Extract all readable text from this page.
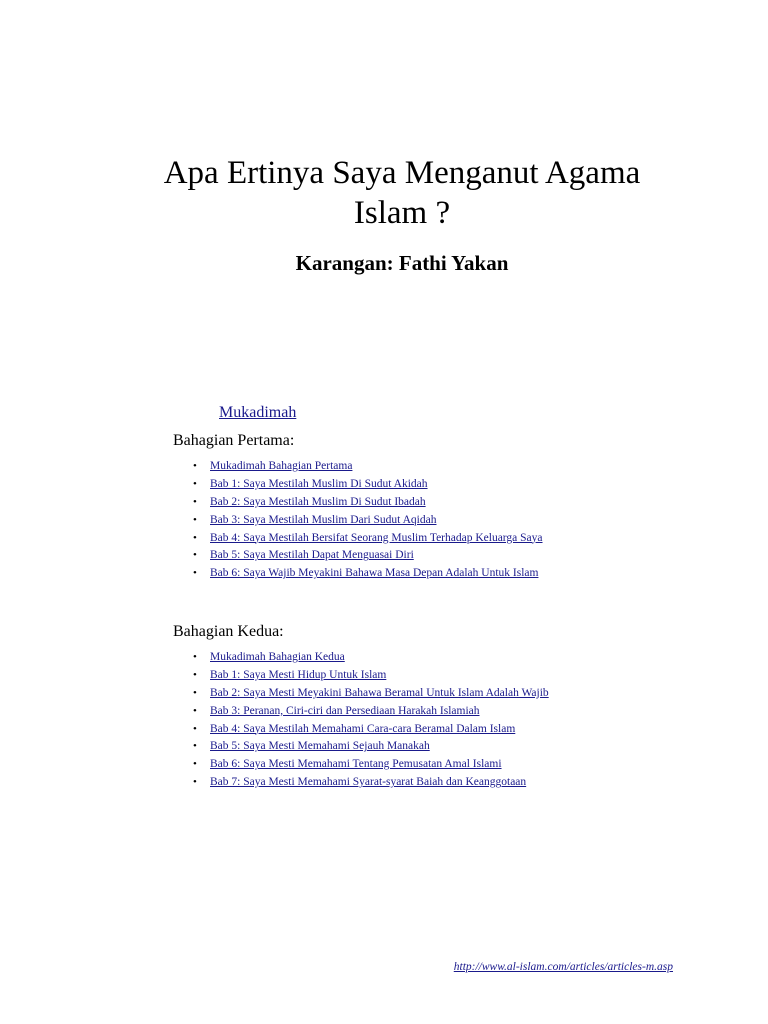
Apa Ertinya Saya Menganut Agama
Islam ?
Karangan: Fathi Yakan
Mukadimah
Bahagian Pertama:
• Mukadimah Bahagian Pertama
• Bab 1: Saya Mestilah Muslim Di Sudut Akidah
• Bab 2: Saya Mestilah Muslim Di Sudut Ibadah
• Bab 3: Saya Mestilah Muslim Dari Sudut Aqidah
• Bab 4: Saya Mestilah Bersifat Seorang Muslim Terhadap Keluarga Saya
• Bab 5: Saya Mestilah Dapat Menguasai Diri
• Bab 6: Saya Wajib Meyakini Bahawa Masa Depan Adalah Untuk Islam
Bahagian Kedua:
• Mukadimah Bahagian Kedua
• Bab 1: Saya Mesti Hidup Untuk Islam
• Bab 2: Saya Mesti Meyakini Bahawa Beramal Untuk Islam Adalah Wajib
• Bab 3: Peranan, Ciri-ciri dan Persediaan Harakah Islamiah
• Bab 4: Saya Mestilah Memahami Cara-cara Beramal Dalam Islam
• Bab 5: Saya Mesti Memahami Sejauh Manakah
• Bab 6: Saya Mesti Memahami Tentang Pemusatan Amal Islami
• Bab 7: Saya Mesti Memahami Syarat-syarat Baiah dan Keanggotaan
http://www.al-islam.com/articles/articles-m.asp
